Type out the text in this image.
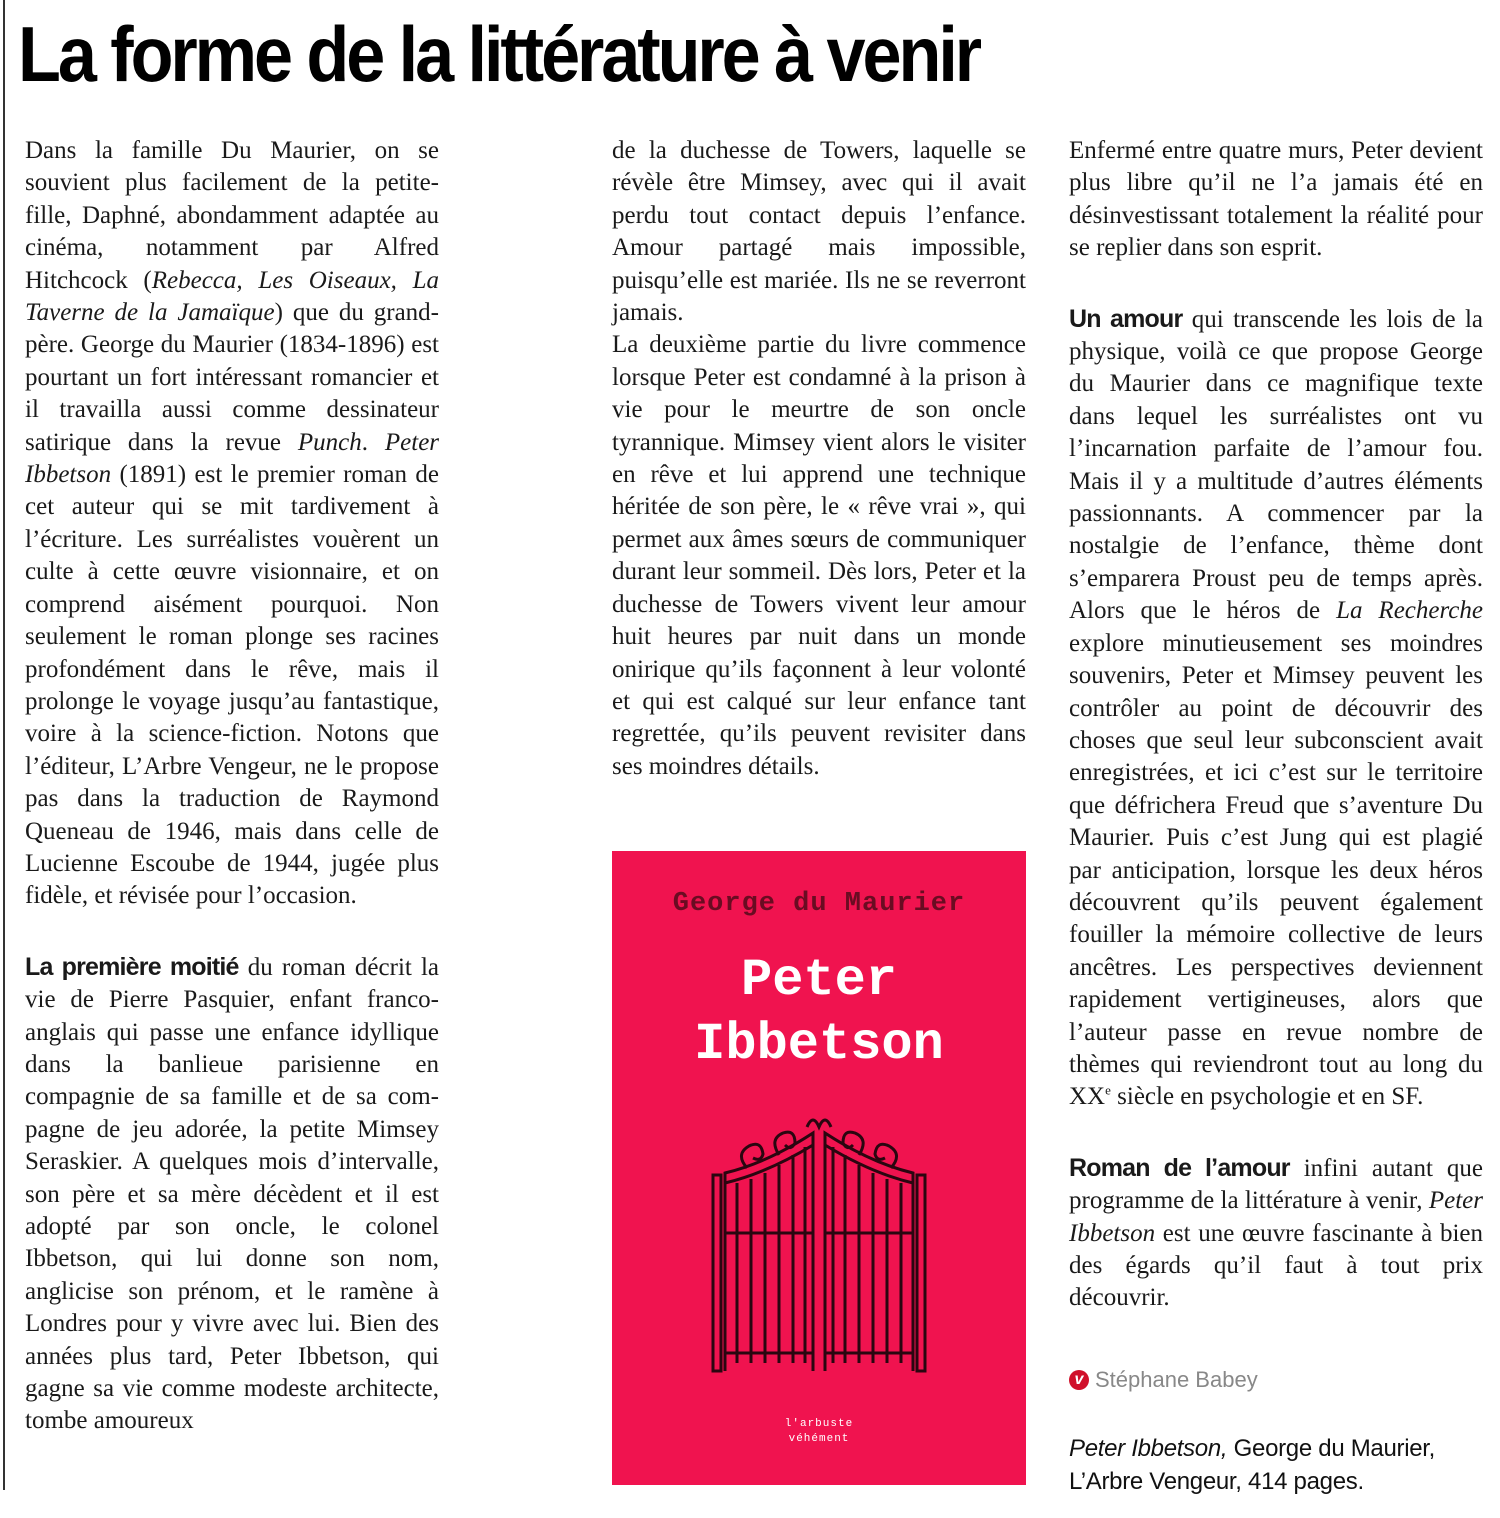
La forme de la littérature à venir

Dans la famille Du Maurier, on se souvient plus facilement de la petite-fille, Daphné, abondamment adaptée au cinéma, notamment par Alfred Hitchcock (Rebecca, Les Oiseaux, La Taverne de la Jamaïque) que du grand-père. George du Maurier (1834-1896) est pourtant un fort intéressant romancier et il travailla aussi comme dessinateur satirique dans la revue Punch. Peter Ibbetson (1891) est le premier roman de cet auteur qui se mit tardivement à l’écriture. Les surréalistes vouèrent un culte à cette œuvre visionnaire, et on comprend aisément pourquoi. Non seulement le roman plonge ses racines profondément dans le rêve, mais il prolonge le voyage jusqu’au fantastique, voire à la science-fiction. Notons que l’éditeur, L’Arbre Vengeur, ne le propose pas dans la traduction de Raymond Queneau de 1946, mais dans celle de Lucienne Escoube de 1944, jugée plus fidèle, et révisée pour l’occasion.

La première moitié du roman décrit la vie de Pierre Pasquier, enfant franco-anglais qui passe une enfance idyllique dans la banlieue parisienne en compagnie de sa famille et de sa compagne de jeu adorée, la petite Mimsey Seraskier. A quelques mois d’intervalle, son père et sa mère décèdent et il est adopté par son oncle, le colonel Ibbetson, qui lui donne son nom, anglicise son prénom, et le ramène à Londres pour y vivre avec lui. Bien des années plus tard, Peter Ibbetson, qui gagne sa vie comme modeste architecte, tombe amoureux

de la duchesse de Towers, laquelle se révèle être Mimsey, avec qui il avait perdu tout contact depuis l’enfance. Amour partagé mais impossible, puisqu’elle est mariée. Ils ne se reverront jamais.

La deuxième partie du livre commence lorsque Peter est condamné à la prison à vie pour le meurtre de son oncle tyrannique. Mimsey vient alors le visiter en rêve et lui apprend une technique héritée de son père, le « rêve vrai », qui permet aux âmes sœurs de communiquer durant leur sommeil. Dès lors, Peter et la duchesse de Towers vivent leur amour huit heures par nuit dans un monde onirique qu’ils façonnent à leur volonté et qui est calqué sur leur enfance tant regrettée, qu’ils peuvent revisiter dans ses moindres détails.

George du Maurier
Peter
Ibbetson
l'arbuste
véhément

Enfermé entre quatre murs, Peter devient plus libre qu’il ne l’a jamais été en désinvestissant totalement la réalité pour se replier dans son esprit.

Un amour qui transcende les lois de la physique, voilà ce que propose George du Maurier dans ce magnifique texte dans lequel les surréalistes ont vu l’incarnation parfaite de l’amour fou. Mais il y a multitude d’autres éléments passionnants. A commencer par la nostalgie de l’enfance, thème dont s’emparera Proust peu de temps après. Alors que le héros de La Recherche explore minutieusement ses moindres souvenirs, Peter et Mimsey peuvent les contrôler au point de découvrir des choses que seul leur subconscient avait enregistrées, et ici c’est sur le territoire que défrichera Freud que s’aventure Du Maurier. Puis c’est Jung qui est plagié par anticipation, lorsque les deux héros découvrent qu’ils peuvent également fouiller la mémoire collective de leurs ancêtres. Les perspectives deviennent rapidement vertigineuses, alors que l’auteur passe en revue nombre de thèmes qui reviendront tout au long du XXe siècle en psychologie et en SF.

Roman de l’amour infini autant que programme de la littérature à venir, Peter Ibbetson est une œuvre fascinante à bien des égards qu’il faut à tout prix découvrir.

v Stéphane Babey
Peter Ibbetson, George du Maurier,
L’Arbre Vengeur, 414 pages.
